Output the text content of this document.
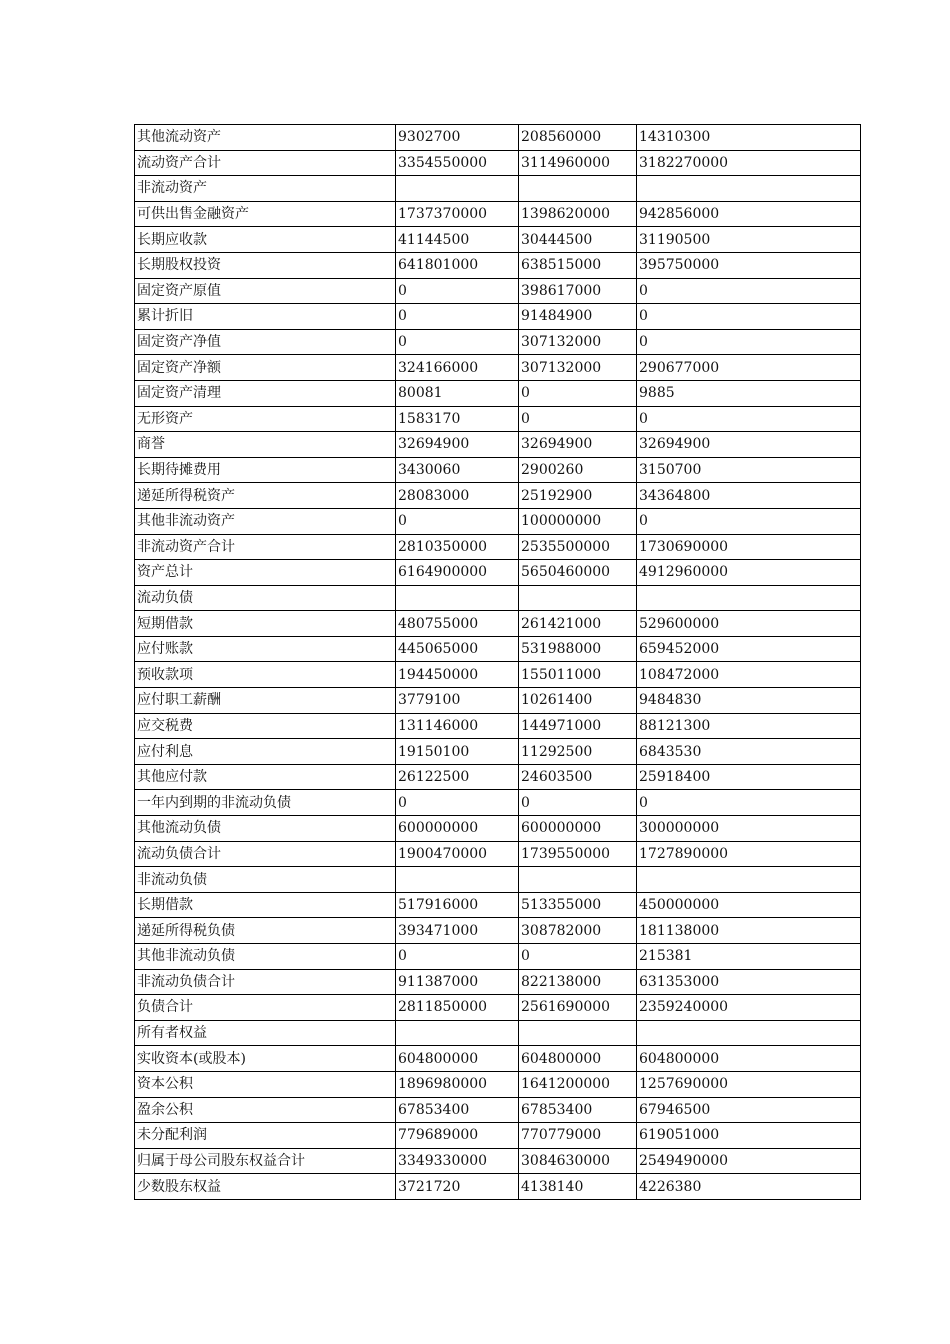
其他流动资产	9302700	208560000	14310300
流动资产合计	3354550000	3114960000	3182270000
非流动资产			
可供出售金融资产	1737370000	1398620000	942856000
长期应收款	41144500	30444500	31190500
长期股权投资	641801000	638515000	395750000
固定资产原值	0	398617000	0
累计折旧	0	91484900	0
固定资产净值	0	307132000	0
固定资产净额	324166000	307132000	290677000
固定资产清理	80081	0	9885
无形资产	1583170	0	0
商誉	32694900	32694900	32694900
长期待摊费用	3430060	2900260	3150700
递延所得税资产	28083000	25192900	34364800
其他非流动资产	0	100000000	0
非流动资产合计	2810350000	2535500000	1730690000
资产总计	6164900000	5650460000	4912960000
流动负债			
短期借款	480755000	261421000	529600000
应付账款	445065000	531988000	659452000
预收款项	194450000	155011000	108472000
应付职工薪酬	3779100	10261400	9484830
应交税费	131146000	144971000	88121300
应付利息	19150100	11292500	6843530
其他应付款	26122500	24603500	25918400
一年内到期的非流动负债	0	0	0
其他流动负债	600000000	600000000	300000000
流动负债合计	1900470000	1739550000	1727890000
非流动负债			
长期借款	517916000	513355000	450000000
递延所得税负债	393471000	308782000	181138000
其他非流动负债	0	0	215381
非流动负债合计	911387000	822138000	631353000
负债合计	2811850000	2561690000	2359240000
所有者权益			
实收资本(或股本)	604800000	604800000	604800000
资本公积	1896980000	1641200000	1257690000
盈余公积	67853400	67853400	67946500
未分配利润	779689000	770779000	619051000
归属于母公司股东权益合计	3349330000	3084630000	2549490000
少数股东权益	3721720	4138140	4226380
